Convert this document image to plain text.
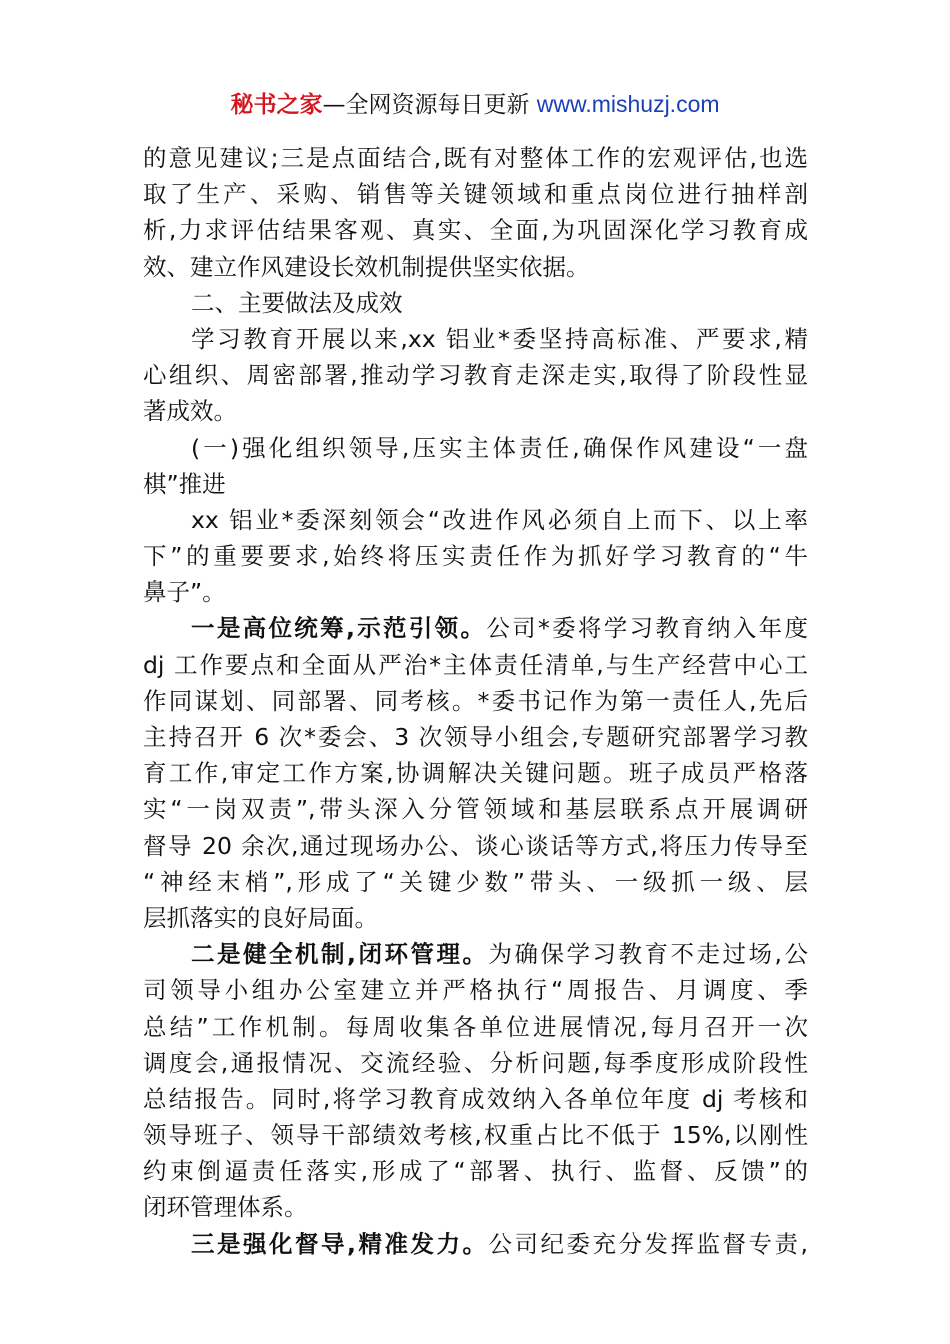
秘书之家—全网资源每日更新 www.mishuzj.com
的意见建议;三是点面结合,既有对整体工作的宏观评估,也选
取了生产、采购、销售等关键领域和重点岗位进行抽样剖
析,力求评估结果客观、真实、全面,为巩固深化学习教育成
效、建立作风建设长效机制提供坚实依据。
二、主要做法及成效
学习教育开展以来,xx 铝业*委坚持高标准、严要求,精
心组织、周密部署,推动学习教育走深走实,取得了阶段性显
著成效。
(一)强化组织领导,压实主体责任,确保作风建设“一盘
棋”推进
xx 铝业*委深刻领会“改进作风必须自上而下、以上率
下”的重要要求,始终将压实责任作为抓好学习教育的“牛
鼻子”。
一是高位统筹,示范引领。公司*委将学习教育纳入年度
dj 工作要点和全面从严治*主体责任清单,与生产经营中心工
作同谋划、同部署、同考核。*委书记作为第一责任人,先后
主持召开 6 次*委会、3 次领导小组会,专题研究部署学习教
育工作,审定工作方案,协调解决关键问题。班子成员严格落
实“一岗双责”,带头深入分管领域和基层联系点开展调研
督导 20 余次,通过现场办公、谈心谈话等方式,将压力传导至
“神经末梢”,形成了“关键少数”带头、一级抓一级、层
层抓落实的良好局面。
二是健全机制,闭环管理。为确保学习教育不走过场,公
司领导小组办公室建立并严格执行“周报告、月调度、季
总结”工作机制。每周收集各单位进展情况,每月召开一次
调度会,通报情况、交流经验、分析问题,每季度形成阶段性
总结报告。同时,将学习教育成效纳入各单位年度 dj 考核和
领导班子、领导干部绩效考核,权重占比不低于 15%,以刚性
约束倒逼责任落实,形成了“部署、执行、监督、反馈”的
闭环管理体系。
三是强化督导,精准发力。公司纪委充分发挥监督专责,
